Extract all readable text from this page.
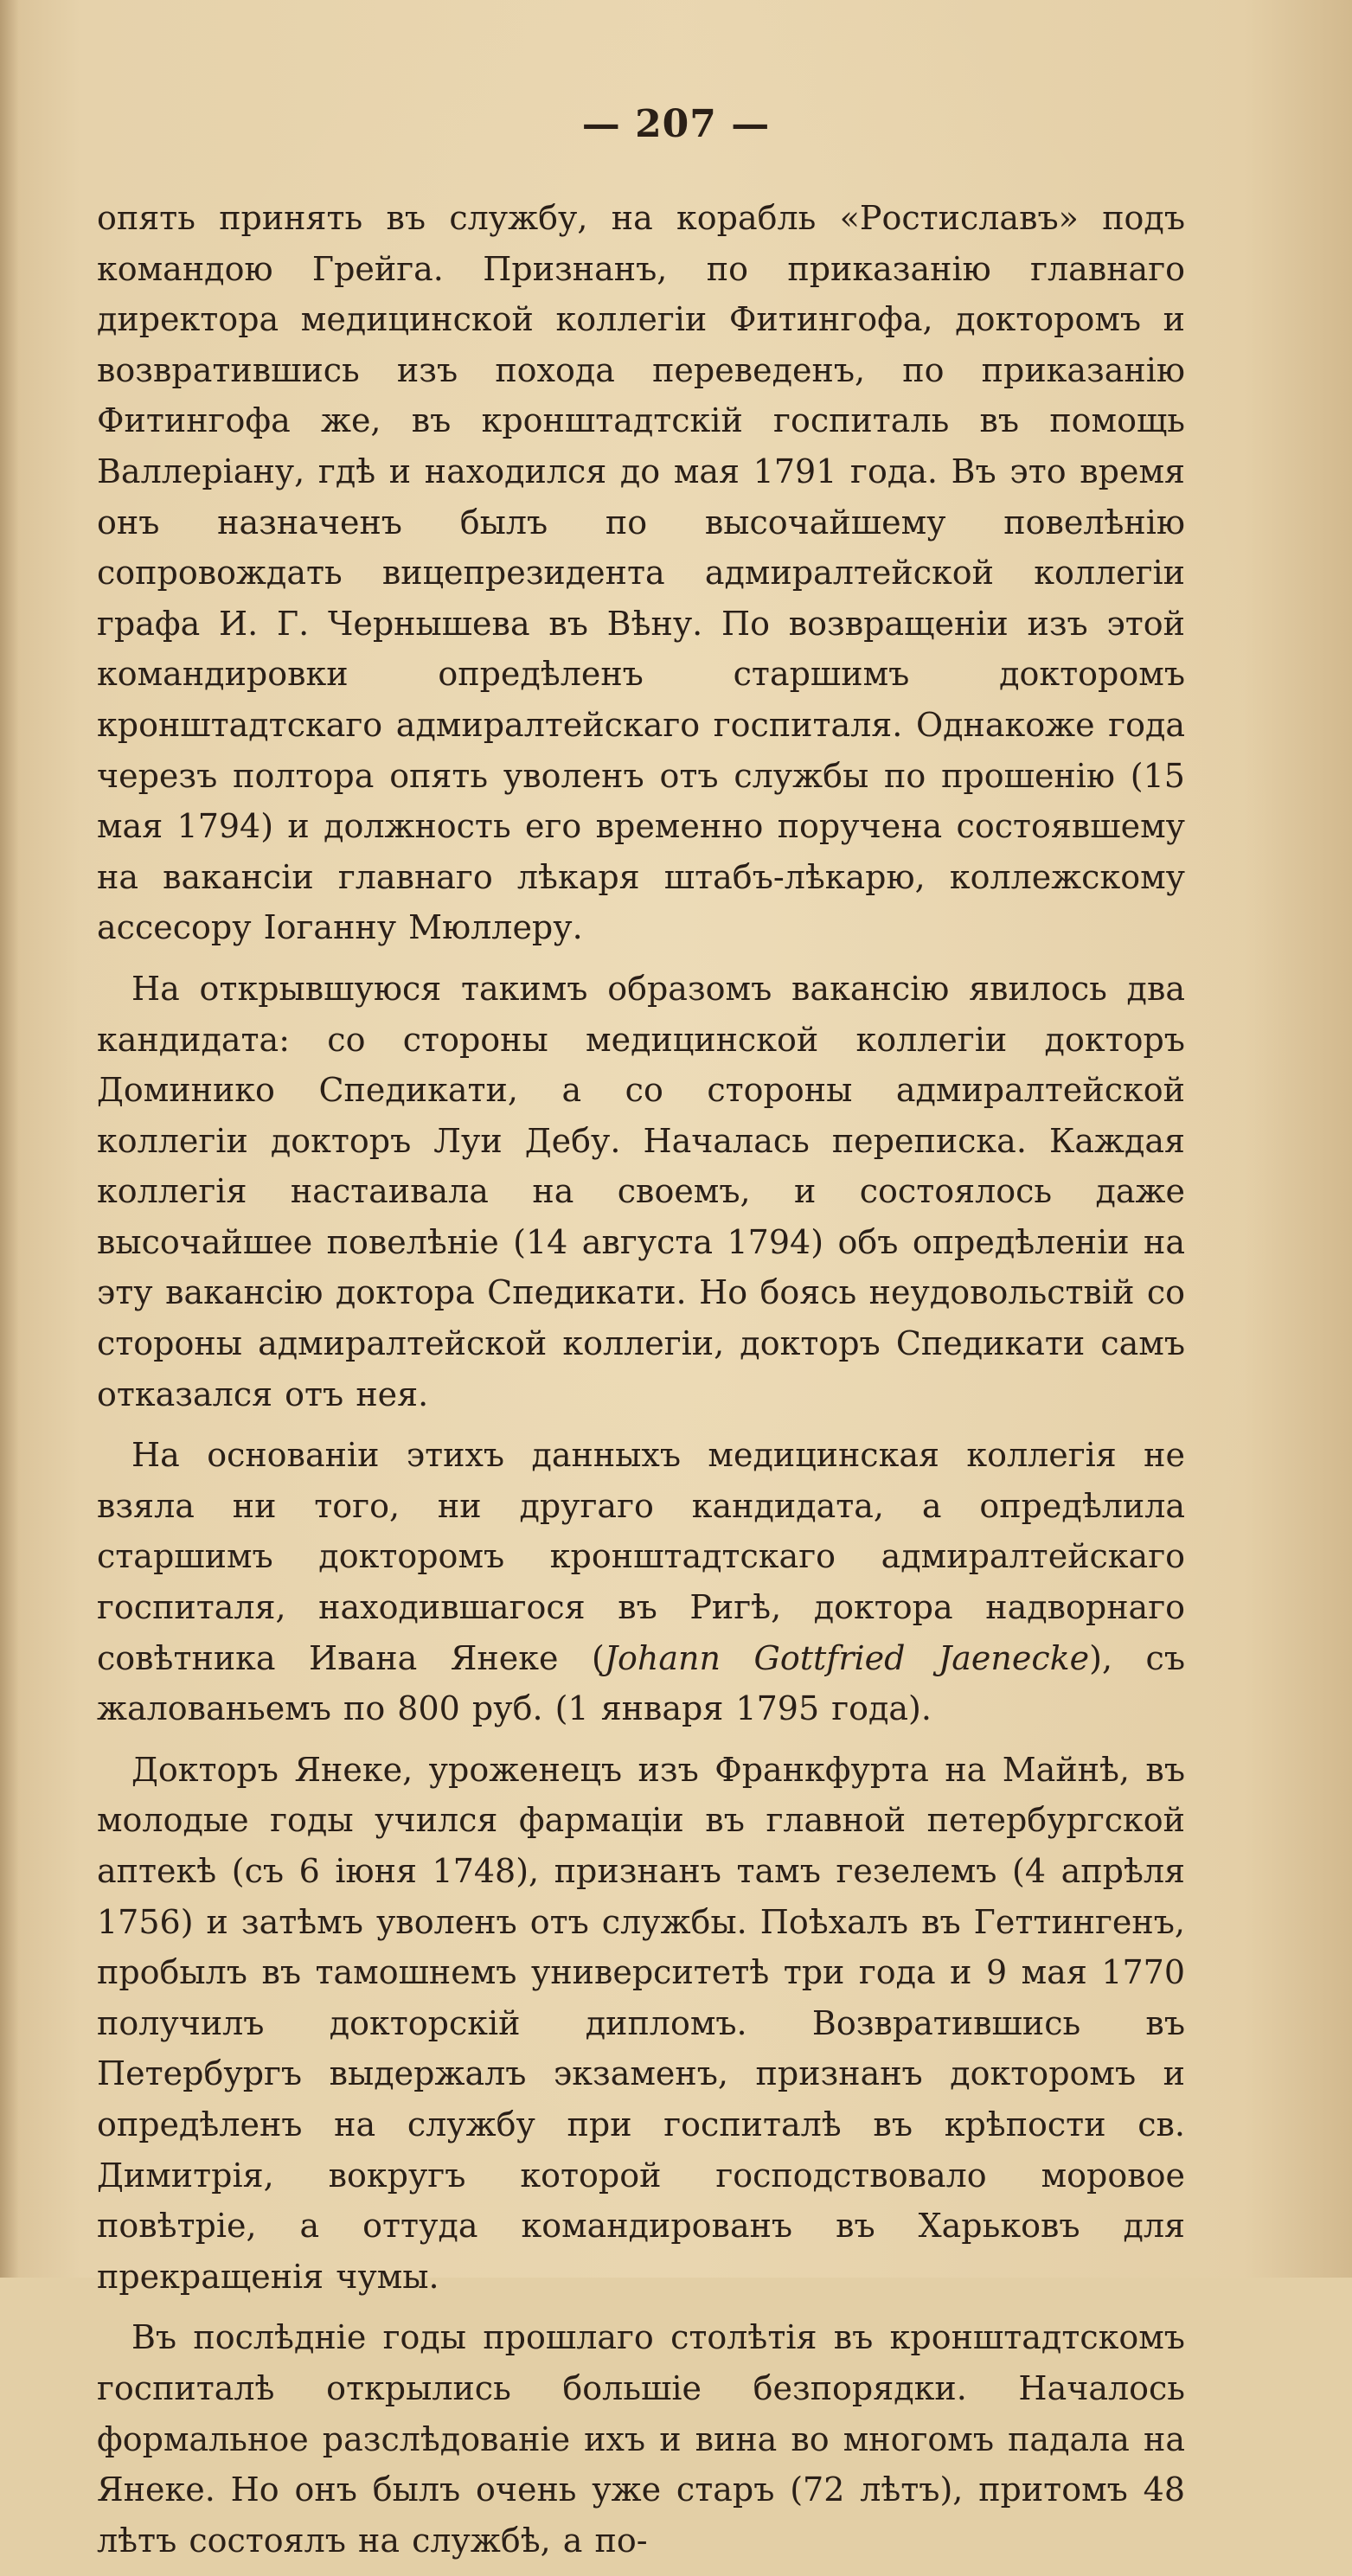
— 207 —

опять принять въ службу, на корабль «Ростиславъ» подъ командою Грейга. Признанъ, по приказанію главнаго директора медицинской коллегіи Фитингофа, докторомъ и возвратившись изъ похода переведенъ, по приказанію Фитингофа же, въ кронштадтскій госпиталь въ помощь Валлеріану, гдѣ и находился до мая 1791 года. Въ это время онъ назначенъ былъ по высочайшему повелѣнію сопровождать вицепрезидента адмиралтейской коллегіи графа И. Г. Чернышева въ Вѣну. По возвращеніи изъ этой командировки опредѣленъ старшимъ докторомъ кронштадтскаго адмиралтейскаго госпиталя. Однакоже года черезъ полтора опять уволенъ отъ службы по прошенію (15 мая 1794) и должность его временно поручена состоявшему на вакансіи главнаго лѣкаря штабъ-лѣкарю, коллежскому ассесору Іоганну Мюллеру.

На открывшуюся такимъ образомъ вакансію явилось два кандидата: со стороны медицинской коллегіи докторъ Доминико Спедикати, а со стороны адмиралтейской коллегіи докторъ Луи Дебу. Началась переписка. Каждая коллегія настаивала на своемъ, и состоялось даже высочайшее повелѣніе (14 августа 1794) объ опредѣленіи на эту вакансію доктора Спедикати. Но боясь неудовольствій со стороны адмиралтейской коллегіи, докторъ Спедикати самъ отказался отъ нея.

На основаніи этихъ данныхъ медицинская коллегія не взяла ни того, ни другаго кандидата, а опредѣлила старшимъ докторомъ кронштадтскаго адмиралтейскаго госпиталя, находившагося въ Ригѣ, доктора надворнаго совѣтника Ивана Янеке (Johann Gottfried Jaenecke), съ жалованьемъ по 800 руб. (1 января 1795 года).

Докторъ Янеке, уроженецъ изъ Франкфурта на Майнѣ, въ молодые годы учился фармаціи въ главной петербургской аптекѣ (съ 6 іюня 1748), признанъ тамъ гезелемъ (4 апрѣля 1756) и затѣмъ уволенъ отъ службы. Поѣхалъ въ Геттингенъ, пробылъ въ тамошнемъ университетѣ три года и 9 мая 1770 получилъ докторскій дипломъ. Возвратившись въ Петербургъ выдержалъ экзаменъ, признанъ докторомъ и опредѣленъ на службу при госпиталѣ въ крѣпости св. Димитрія, вокругъ которой господствовало моровое повѣтріе, а оттуда командированъ въ Харьковъ для прекращенія чумы.

Въ послѣдніе годы прошлаго столѣтія въ кронштадтскомъ госпиталѣ открылись большіе безпорядки. Началось формальное разслѣдованіе ихъ и вина во многомъ падала на Янеке. Но онъ былъ очень уже старъ (72 лѣтъ), притомъ 48 лѣтъ состоялъ на службѣ, а по-
